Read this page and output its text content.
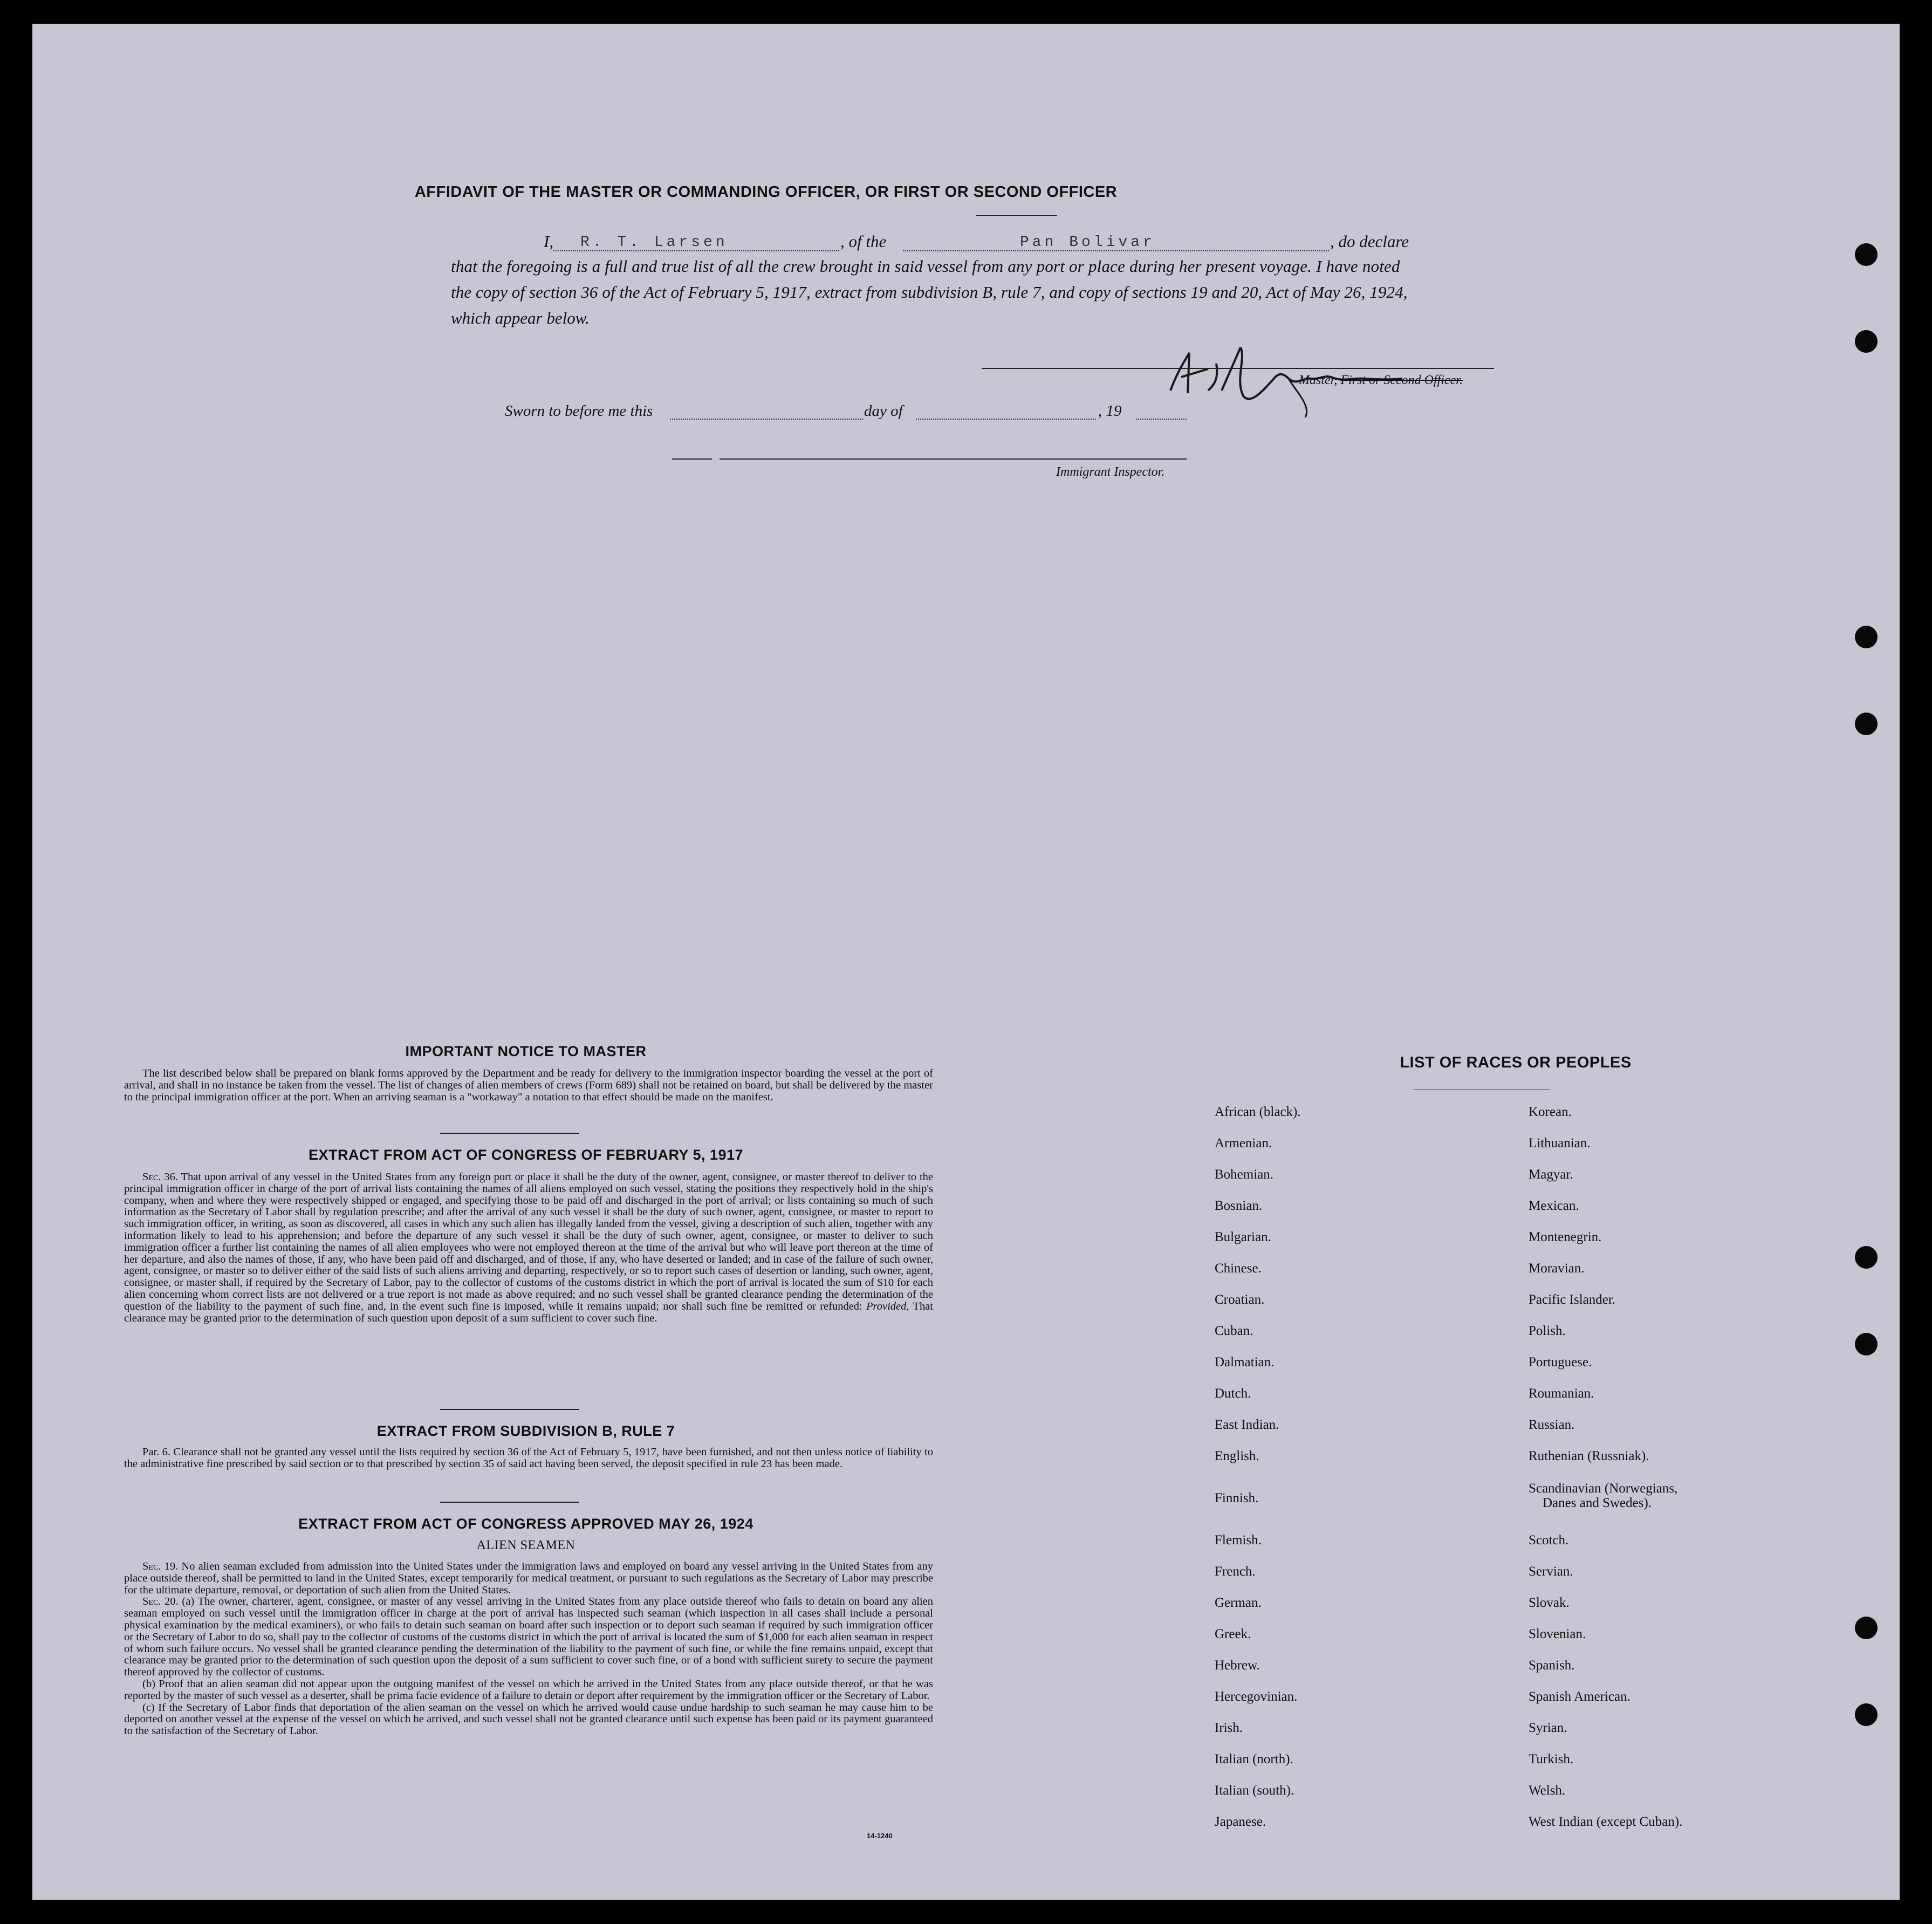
AFFIDAVIT OF THE MASTER OR COMMANDING OFFICER, OR FIRST OR SECOND OFFICER
I, R. T. Larsen	, of the	Pan Bolivar	, do declare
that the foregoing is a full and true list of all the crew brought in said vessel from any port or place during her present voyage. I have noted
the copy of section 36 of the Act of February 5, 1917, extract from subdivision B, rule 7, and copy of sections 19 and 20, Act of May 26, 1924,
which appear below.
Master, First or Second Officer.
Sworn to before me this	day of	, 19
Immigrant Inspector.
IMPORTANT NOTICE TO MASTER

The list described below shall be prepared on blank forms approved by the Department and be ready for delivery to the immigration inspector boarding the vessel at the port of arrival, and shall in no instance be taken from the vessel. The list of changes of alien members of crews (Form 689) shall not be retained on board, but shall be delivered by the master to the principal immigration officer at the port. When an arriving seaman is a "workaway" a notation to that effect should be made on the manifest.

EXTRACT FROM ACT OF CONGRESS OF FEBRUARY 5, 1917

Sec. 36. That upon arrival of any vessel in the United States from any foreign port or place it shall be the duty of the owner, agent, consignee, or master thereof to deliver to the principal immigration officer in charge of the port of arrival lists containing the names of all aliens employed on such vessel, stating the positions they respectively hold in the ship's company, when and where they were respectively shipped or engaged, and specifying those to be paid off and discharged in the port of arrival; or lists containing so much of such information as the Secretary of Labor shall by regulation prescribe; and after the arrival of any such vessel it shall be the duty of such owner, agent, consignee, or master to report to such immigration officer, in writing, as soon as discovered, all cases in which any such alien has illegally landed from the vessel, giving a description of such alien, together with any information likely to lead to his apprehension; and before the departure of any such vessel it shall be the duty of such owner, agent, consignee, or master to deliver to such immigration officer a further list containing the names of all alien employees who were not employed thereon at the time of the arrival but who will leave port thereon at the time of her departure, and also the names of those, if any, who have been paid off and discharged, and of those, if any, who have deserted or landed; and in case of the failure of such owner, agent, consignee, or master so to deliver either of the said lists of such aliens arriving and departing, respectively, or so to report such cases of desertion or landing, such owner, agent, consignee, or master shall, if required by the Secretary of Labor, pay to the collector of customs of the customs district in which the port of arrival is located the sum of $10 for each alien concerning whom correct lists are not delivered or a true report is not made as above required; and no such vessel shall be granted clearance pending the determination of the question of the liability to the payment of such fine, and, in the event such fine is imposed, while it remains unpaid; nor shall such fine be remitted or refunded: Provided, That clearance may be granted prior to the determination of such question upon deposit of a sum sufficient to cover such fine.

EXTRACT FROM SUBDIVISION B, RULE 7

Par. 6. Clearance shall not be granted any vessel until the lists required by section 36 of the Act of February 5, 1917, have been furnished, and not then unless notice of liability to the administrative fine prescribed by said section or to that prescribed by section 35 of said act having been served, the deposit specified in rule 23 has been made.

EXTRACT FROM ACT OF CONGRESS APPROVED MAY 26, 1924
ALIEN SEAMEN

Sec. 19. No alien seaman excluded from admission into the United States under the immigration laws and employed on board any vessel arriving in the United States from any place outside thereof, shall be permitted to land in the United States, except temporarily for medical treatment, or pursuant to such regulations as the Secretary of Labor may prescribe for the ultimate departure, removal, or deportation of such alien from the United States.

Sec. 20. (a) The owner, charterer, agent, consignee, or master of any vessel arriving in the United States from any place outside thereof who fails to detain on board any alien seaman employed on such vessel until the immigration officer in charge at the port of arrival has inspected such seaman (which inspection in all cases shall include a personal physical examination by the medical examiners), or who fails to detain such seaman on board after such inspection or to deport such seaman if required by such immigration officer or the Secretary of Labor to do so, shall pay to the collector of customs of the customs district in which the port of arrival is located the sum of $1,000 for each alien seaman in respect of whom such failure occurs. No vessel shall be granted clearance pending the determination of the liability to the payment of such fine, or while the fine remains unpaid, except that clearance may be granted prior to the determination of such question upon the deposit of a sum sufficient to cover such fine, or of a bond with sufficient surety to secure the payment thereof approved by the collector of customs.

(b) Proof that an alien seaman did not appear upon the outgoing manifest of the vessel on which he arrived in the United States from any place outside thereof, or that he was reported by the master of such vessel as a deserter, shall be prima facie evidence of a failure to detain or deport after requirement by the immigration officer or the Secretary of Labor.

(c) If the Secretary of Labor finds that deportation of the alien seaman on the vessel on which he arrived would cause undue hardship to such seaman he may cause him to be deported on another vessel at the expense of the vessel on which he arrived, and such vessel shall not be granted clearance until such expense has been paid or its payment guaranteed to the satisfaction of the Secretary of Labor.

14-1240
LIST OF RACES OR PEOPLES
African (black).
Armenian.
Bohemian.
Bosnian.
Bulgarian.
Chinese.
Croatian.
Cuban.
Dalmatian.
Dutch.
East Indian.
English.
Finnish.
Flemish.
French.
German.
Greek.
Hebrew.
Hercegovinian.
Irish.
Italian (north).
Italian (south).
Japanese.
Korean.
Lithuanian.
Magyar.
Mexican.
Montenegrin.
Moravian.
Pacific Islander.
Polish.
Portuguese.
Roumanian.
Russian.
Ruthenian (Russniak).
Scandinavian (Norwegians,
Danes and Swedes).
Scotch.
Servian.
Slovak.
Slovenian.
Spanish.
Spanish American.
Syrian.
Turkish.
Welsh.
West Indian (except Cuban).
